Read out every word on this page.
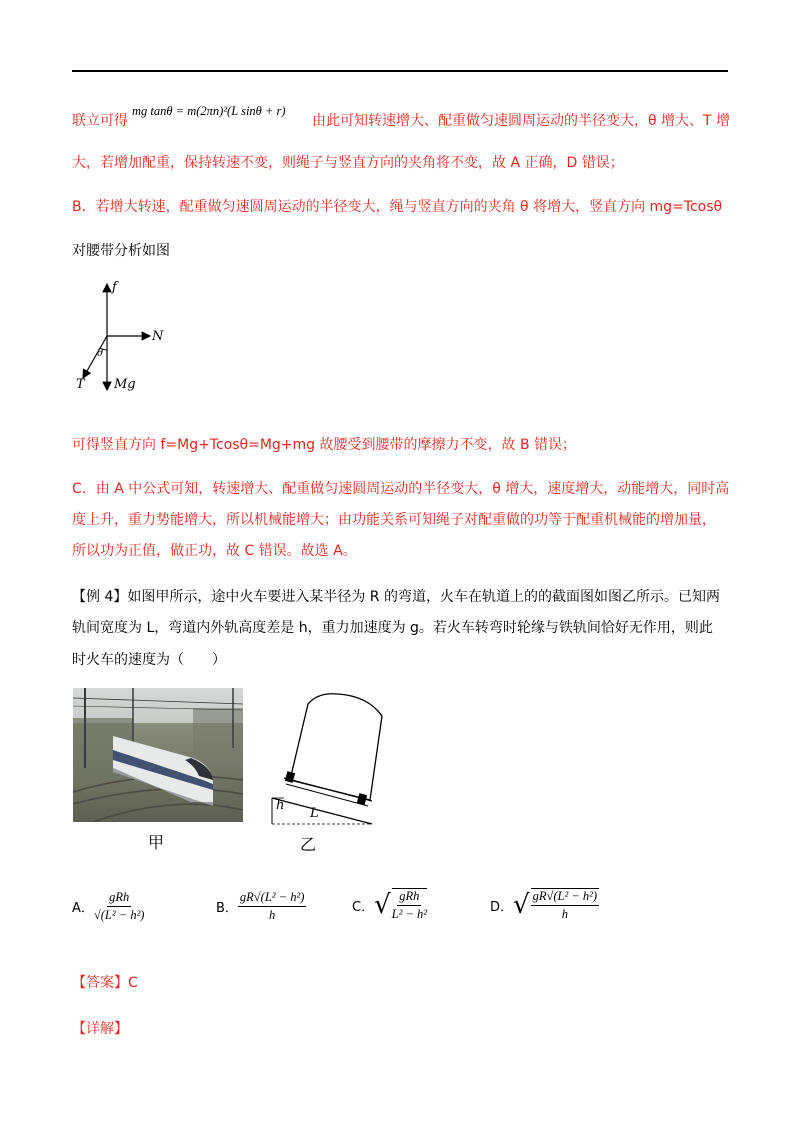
联立可得
mg tanθ = m(2πn)²(L sinθ + r)
由此可知转速增大、配重做匀速圆周运动的半径变大，θ 增大、T 增
大，若增加配重，保持转速不变，则绳子与竖直方向的夹角将不变，故 A 正确，D 错误；
B．若增大转速，配重做匀速圆周运动的半径变大，绳与竖直方向的夹角 θ 将增大，竖直方向 mg=Tcosθ
对腰带分析如图
f
N
θ
T Mg
可得竖直方向 f=Mg+Tcosθ=Mg+mg 故腰受到腰带的摩擦力不变，故 B 错误；
C．由 A 中公式可知，转速增大、配重做匀速圆周运动的半径变大，θ 增大，速度增大，动能增大，同时高
度上升，重力势能增大，所以机械能增大；由功能关系可知绳子对配重做的功等于配重机械能的增加量，
所以功为正值，做正功，故 C 错误。故选 A。
【例 4】如图甲所示，途中火车要进入某半径为 R 的弯道，火车在轨道上的的截面图如图乙所示。已知两
轨间宽度为 L，弯道内外轨高度差是 h，重力加速度为 g。若火车转弯时轮缘与铁轨间恰好无作用，则此
时火车的速度为（　　）
甲
h
L
乙
A． $\frac{\text{gRh}}{\text{√(L² − h²)}}$	B． $\frac{\text{gR√(L² − h²)}}{h}$	C． √ $\frac{\text{gRh}}{\text{L² − h²}}$	D． √ $\frac{\text{gR√(L² − h²)}}{h}$
【答案】C
【详解】
